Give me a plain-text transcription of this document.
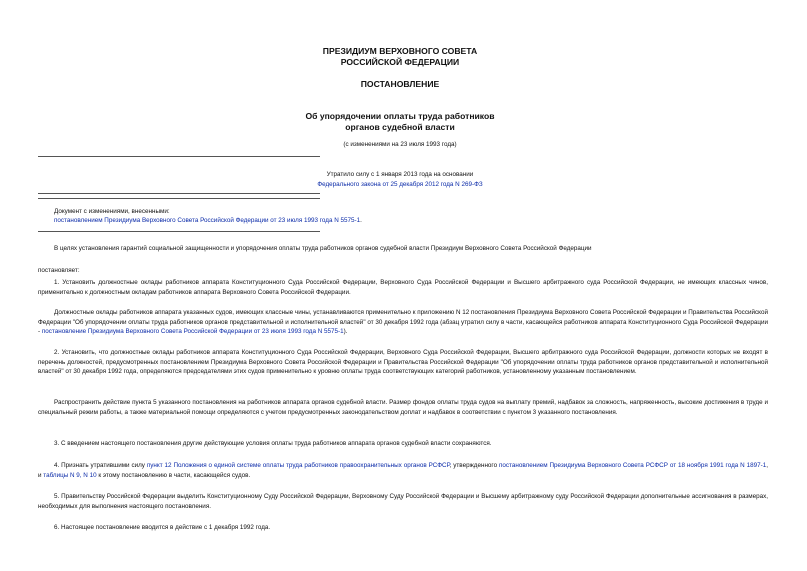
ПРЕЗИДИУМ ВЕРХОВНОГО СОВЕТА
РОССИЙСКОЙ ФЕДЕРАЦИИ
ПОСТАНОВЛЕНИЕ
Об упорядочении оплаты труда работников
органов судебной власти
(с изменениями на 23 июля 1993 года)
Утратило силу с 1 января 2013 года на основании
Федерального закона от 25 декабря 2012 года N 269-ФЗ
Документ с изменениями, внесенными:
постановлением Президиума Верховного Совета Российской Федерации от 23 июля 1993 года N 5575-1.
В целях установления гарантий социальной защищенности и упорядочения оплаты труда работников органов судебной власти Президиум Верховного Совета Российской Федерации
постановляет:
1. Установить должностные оклады работников аппарата Конституционного Суда Российской Федерации, Верховного Суда Российской Федерации и Высшего арбитражного суда Российской Федерации, не имеющих классных чинов, применительно к должностным окладам работников аппарата Верховного Совета Российской Федерации.
Должностные оклады работников аппарата указанных судов, имеющих классные чины, устанавливаются применительно к приложению N 12 постановления Президиума Верховного Совета Российской Федерации и Правительства Российской Федерации "Об упорядочении оплаты труда работников органов представительной и исполнительной властей" от 30 декабря 1992 года (абзац утратил силу в части, касающейся работников аппарата Конституционного Суда Российской Федерации - постановление Президиума Верховного Совета Российской Федерации от 23 июля 1993 года N 5575-1).
2. Установить, что должностные оклады работников аппарата Конституционного Суда Российской Федерации, Верховного Суда Российской Федерации, Высшего арбитражного суда Российской Федерации, должности которых не входят в перечень должностей, предусмотренных постановлением Президиума Верховного Совета Российской Федерации и Правительства Российской Федерации "Об упорядочении оплаты труда работников органов представительной и исполнительной властей" от 30 декабря 1992 года, определяются председателями этих судов применительно к уровню оплаты труда соответствующих категорий работников, установленному указанным постановлением.
Распространить действие пункта 5 указанного постановления на работников аппарата органов судебной власти. Размер фондов оплаты труда судов на выплату премий, надбавок за сложность, напряженность, высокие достижения в труде и специальный режим работы, а также материальной помощи определяются с учетом предусмотренных законодательством доплат и надбавок в соответствии с пунктом 3 указанного постановления.
3. С введением настоящего постановления другие действующие условия оплаты труда работников аппарата органов судебной власти сохраняются.
4. Признать утратившими силу пункт 12 Положения о единой системе оплаты труда работников правоохранительных органов РСФСР, утвержденного постановлением Президиума Верховного Совета РСФСР от 18 ноября 1991 года N 1897-1, и таблицы N 9, N 10 к этому постановлению в части, касающейся судов.
5. Правительству Российской Федерации выделить Конституционному Суду Российской Федерации, Верховному Суду Российской Федерации и Высшему арбитражному суду Российской Федерации дополнительные ассигнования в размерах, необходимых для выполнения настоящего постановления.
6. Настоящее постановление вводится в действие с 1 декабря 1992 года.
